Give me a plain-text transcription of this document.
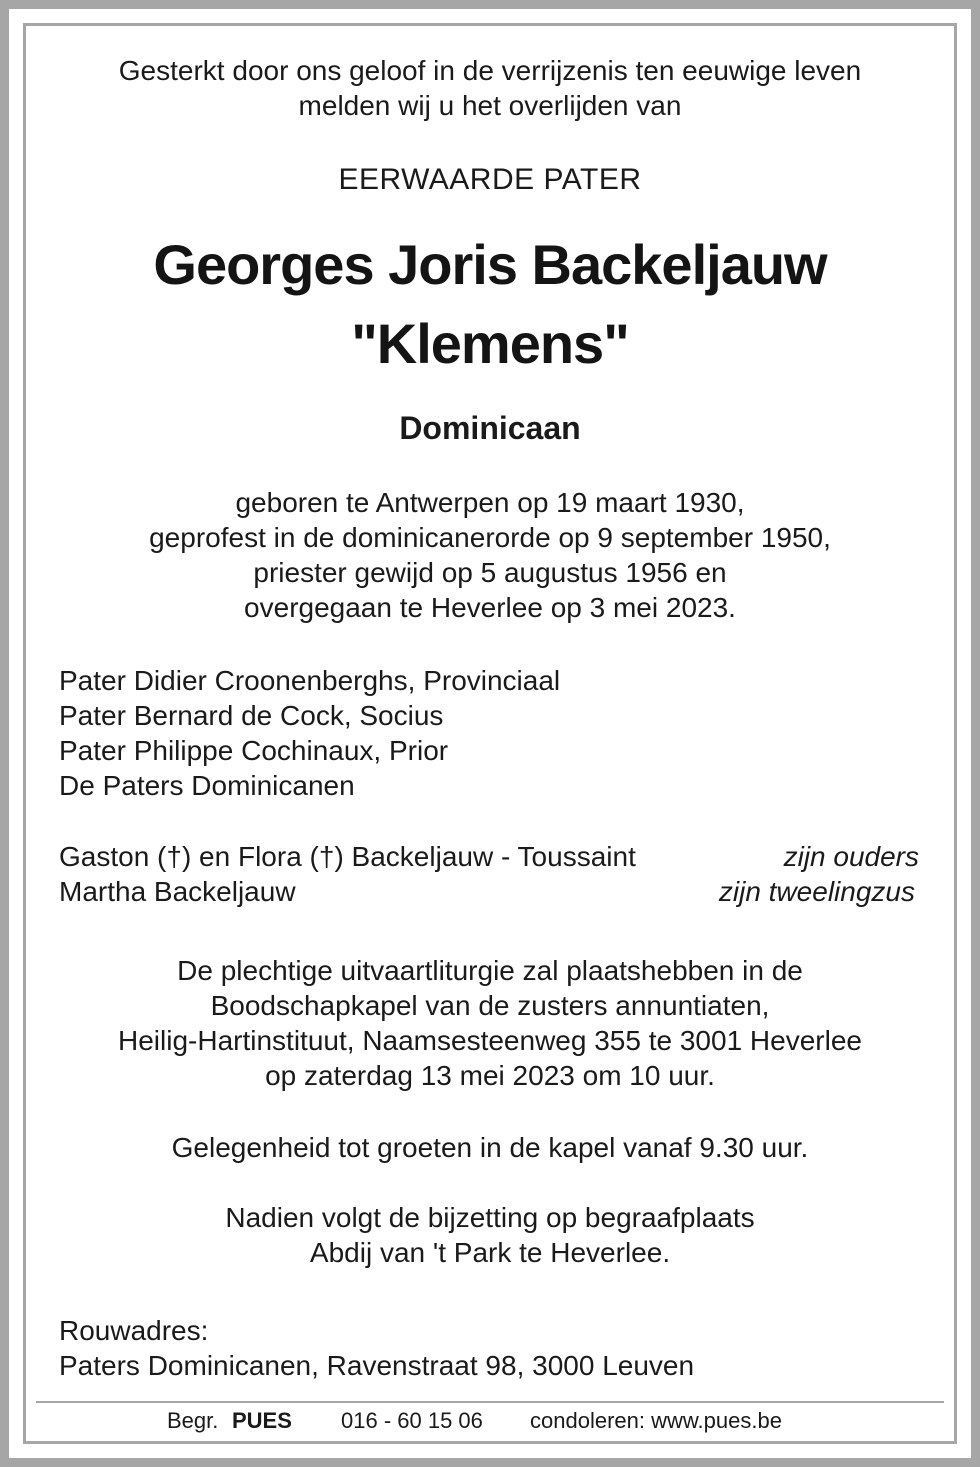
Gesterkt door ons geloof in de verrijzenis ten eeuwige leven
melden wij u het overlijden van
EERWAARDE PATER
Georges Joris Backeljauw
"Klemens"
Dominicaan
geboren te Antwerpen op 19 maart 1930,
geprofest in de dominicanerorde op 9 september 1950,
priester gewijd op 5 augustus 1956 en
overgegaan te Heverlee op 3 mei 2023.
Pater Didier Croonenberghs, Provinciaal
Pater Bernard de Cock, Socius
Pater Philippe Cochinaux, Prior
De Paters Dominicanen
Gaston (†) en Flora (†) Backeljauw - Toussaint	zijn ouders
Martha Backeljauw	zijn tweelingzus
De plechtige uitvaartliturgie zal plaatshebben in de
Boodschapkapel van de zusters annuntiaten,
Heilig-Hartinstituut, Naamsesteenweg 355 te 3001 Heverlee
op zaterdag 13 mei 2023 om 10 uur.
Gelegenheid tot groeten in de kapel vanaf 9.30 uur.
Nadien volgt de bijzetting op begraafplaats
Abdij van 't Park te Heverlee.
Rouwadres:
Paters Dominicanen, Ravenstraat 98, 3000 Leuven
Begr. PUES 016 - 60 15 06 condoleren: www.pues.be
